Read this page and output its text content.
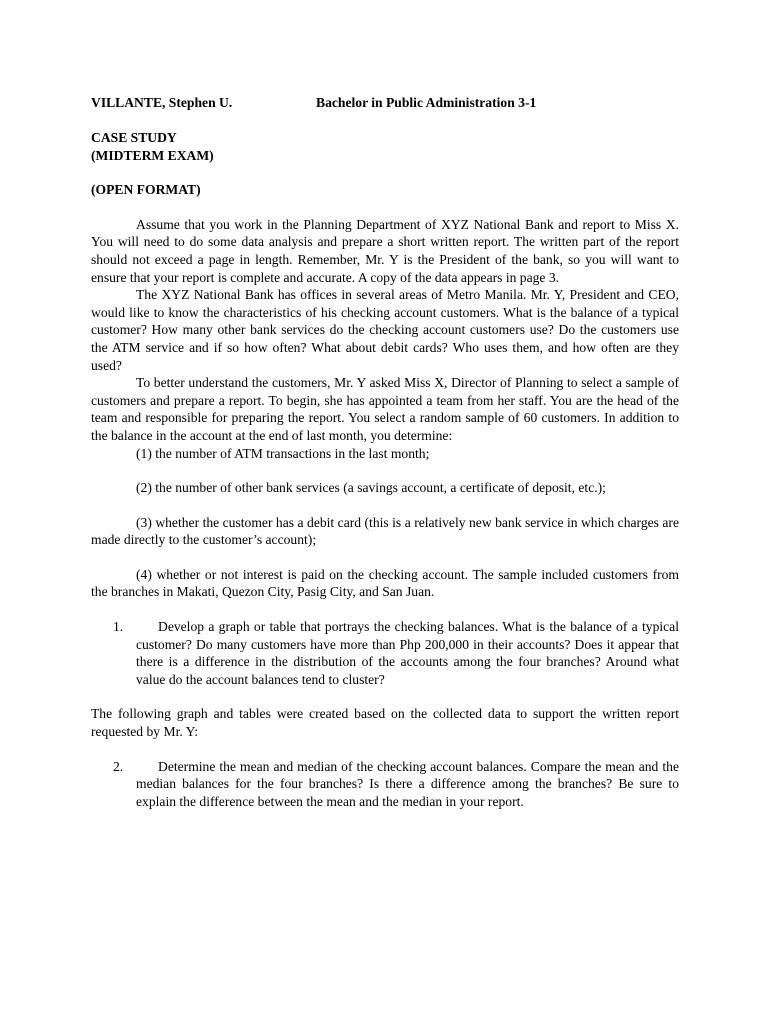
VILLANTE, Stephen U.	Bachelor in Public Administration 3-1
CASE STUDY
(MIDTERM EXAM)
(OPEN FORMAT)

Assume that you work in the Planning Department of XYZ National Bank and report to Miss X. You will need to do some data analysis and prepare a short written report. The written part of the report should not exceed a page in length. Remember, Mr. Y is the President of the bank, so you will want to ensure that your report is complete and accurate. A copy of the data appears in page 3.

The XYZ National Bank has offices in several areas of Metro Manila. Mr. Y, President and CEO, would like to know the characteristics of his checking account customers. What is the balance of a typical customer? How many other bank services do the checking account customers use? Do the customers use the ATM service and if so how often? What about debit cards? Who uses them, and how often are they used?

To better understand the customers, Mr. Y asked Miss X, Director of Planning to select a sample of customers and prepare a report. To begin, she has appointed a team from her staff. You are the head of the team and responsible for preparing the report. You select a random sample of 60 customers. In addition to the balance in the account at the end of last month, you determine:

(1) the number of ATM transactions in the last month;

(2) the number of other bank services (a savings account, a certificate of deposit, etc.);

(3) whether the customer has a debit card (this is a relatively new bank service in which charges are made directly to the customer’s account);

(4) whether or not interest is paid on the checking account. The sample included customers from the branches in Makati, Quezon City, Pasig City, and San Juan.

1.	Develop a graph or table that portrays the checking balances. What is the balance of a typical customer? Do many customers have more than Php 200,000 in their accounts? Does it appear that there is a difference in the distribution of the accounts among the four branches? Around what value do the account balances tend to cluster?

The following graph and tables were created based on the collected data to support the written report requested by Mr. Y:

2.	Determine the mean and median of the checking account balances. Compare the mean and the median balances for the four branches? Is there a difference among the branches? Be sure to explain the difference between the mean and the median in your report.
